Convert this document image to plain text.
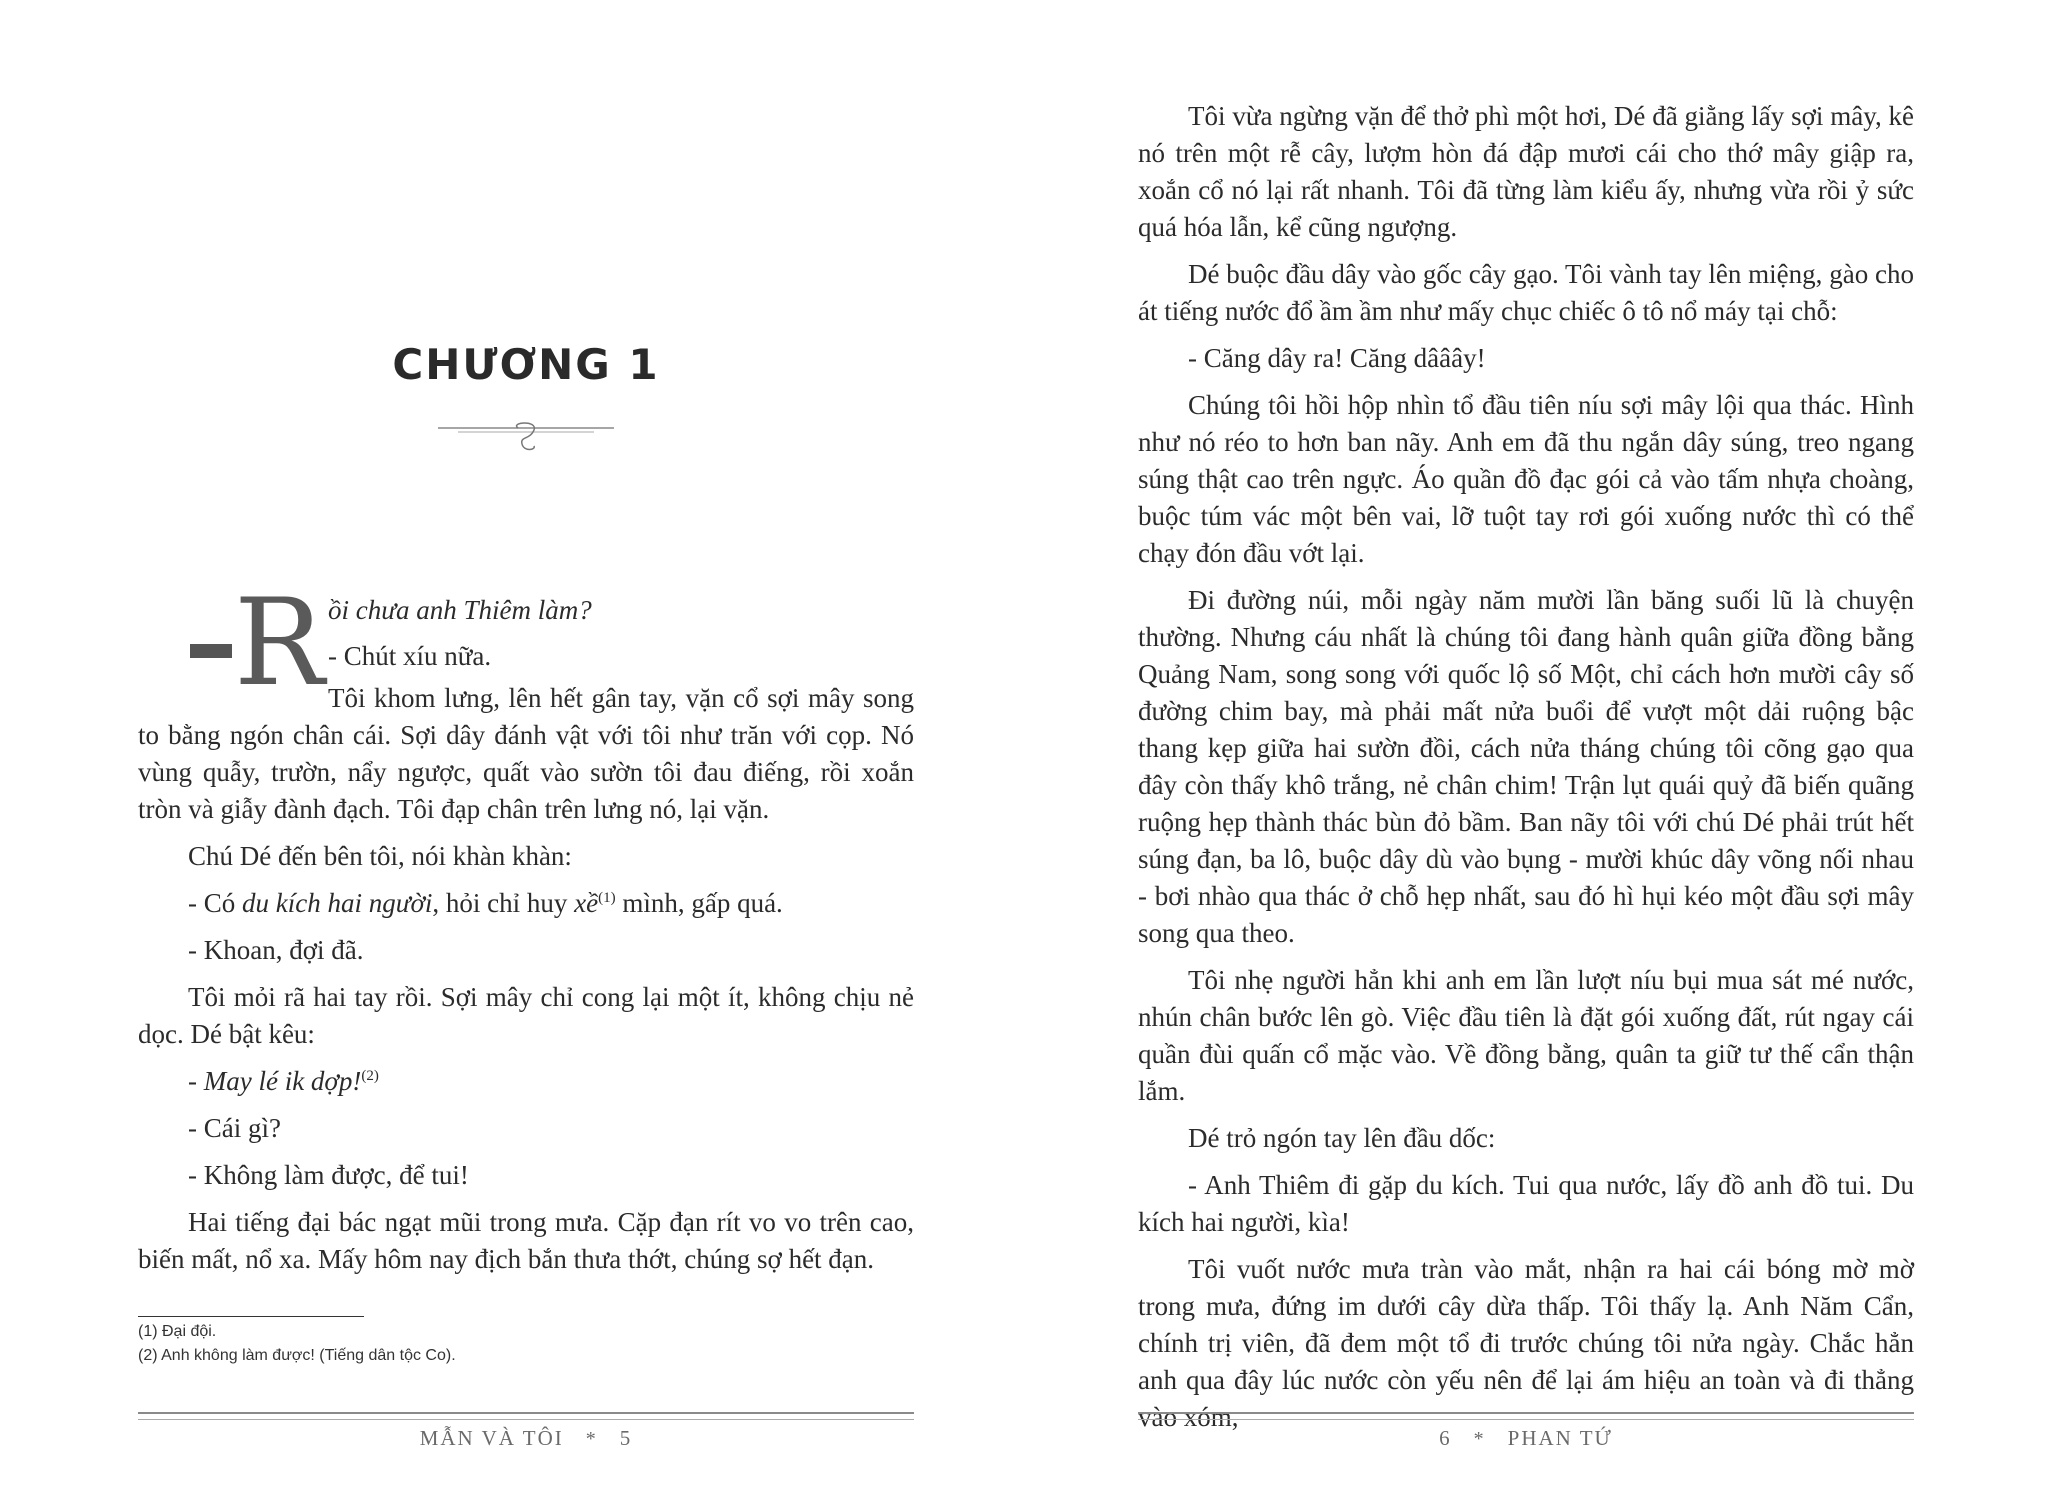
CHƯƠNG 1
R ồi chưa anh Thiêm làm?
- Chút xíu nữa.

Tôi khom lưng, lên hết gân tay, vặn cổ sợi mây song to bằng ngón chân cái. Sợi dây đánh vật với tôi như trăn với cọp. Nó vùng quẫy, trườn, nẩy ngược, quất vào sườn tôi đau điếng, rồi xoắn tròn và giẫy đành đạch. Tôi đạp chân trên lưng nó, lại vặn.

Chú Dé đến bên tôi, nói khàn khàn:

- Có du kích hai người, hỏi chỉ huy xề$^{(1)}$ mình, gấp quá.

- Khoan, đợi đã.

Tôi mỏi rã hai tay rồi. Sợi mây chỉ cong lại một ít, không chịu nẻ dọc. Dé bật kêu:

- May lé ik dợp!$^{(2)}$

- Cái gì?

- Không làm được, để tui!

Hai tiếng đại bác ngạt mũi trong mưa. Cặp đạn rít vo vo trên cao, biến mất, nổ xa. Mấy hôm nay địch bắn thưa thớt, chúng sợ hết đạn.

(1) Đại đội.
(2) Anh không làm được! (Tiếng dân tộc Co).
MẪN VÀ TÔI * 5

Tôi vừa ngừng vặn để thở phì một hơi, Dé đã giằng lấy sợi mây, kê nó trên một rễ cây, lượm hòn đá đập mươi cái cho thớ mây giập ra, xoắn cổ nó lại rất nhanh. Tôi đã từng làm kiểu ấy, nhưng vừa rồi ỷ sức quá hóa lẫn, kể cũng ngượng.

Dé buộc đầu dây vào gốc cây gạo. Tôi vành tay lên miệng, gào cho át tiếng nước đổ ầm ầm như mấy chục chiếc ô tô nổ máy tại chỗ:

- Căng dây ra! Căng dââây!

Chúng tôi hồi hộp nhìn tổ đầu tiên níu sợi mây lội qua thác. Hình như nó réo to hơn ban nãy. Anh em đã thu ngắn dây súng, treo ngang súng thật cao trên ngực. Áo quần đồ đạc gói cả vào tấm nhựa choàng, buộc túm vác một bên vai, lỡ tuột tay rơi gói xuống nước thì có thể chạy đón đầu vớt lại.

Đi đường núi, mỗi ngày năm mười lần băng suối lũ là chuyện thường. Nhưng cáu nhất là chúng tôi đang hành quân giữa đồng bằng Quảng Nam, song song với quốc lộ số Một, chỉ cách hơn mười cây số đường chim bay, mà phải mất nửa buổi để vượt một dải ruộng bậc thang kẹp giữa hai sườn đồi, cách nửa tháng chúng tôi cõng gạo qua đây còn thấy khô trắng, nẻ chân chim! Trận lụt quái quỷ đã biến quãng ruộng hẹp thành thác bùn đỏ bầm. Ban nãy tôi với chú Dé phải trút hết súng đạn, ba lô, buộc dây dù vào bụng - mười khúc dây võng nối nhau - bơi nhào qua thác ở chỗ hẹp nhất, sau đó hì hụi kéo một đầu sợi mây song qua theo.

Tôi nhẹ người hẳn khi anh em lần lượt níu bụi mua sát mé nước, nhún chân bước lên gò. Việc đầu tiên là đặt gói xuống đất, rút ngay cái quần đùi quấn cổ mặc vào. Về đồng bằng, quân ta giữ tư thế cẩn thận lắm.

Dé trỏ ngón tay lên đầu dốc:

- Anh Thiêm đi gặp du kích. Tui qua nước, lấy đồ anh đồ tui. Du kích hai người, kìa!

Tôi vuốt nước mưa tràn vào mắt, nhận ra hai cái bóng mờ mờ trong mưa, đứng im dưới cây dừa thấp. Tôi thấy lạ. Anh Năm Cẩn, chính trị viên, đã đem một tổ đi trước chúng tôi nửa ngày. Chắc hẳn anh qua đây lúc nước còn yếu nên để lại ám hiệu an toàn và đi thẳng vào xóm,

6 * PHAN TỨ
